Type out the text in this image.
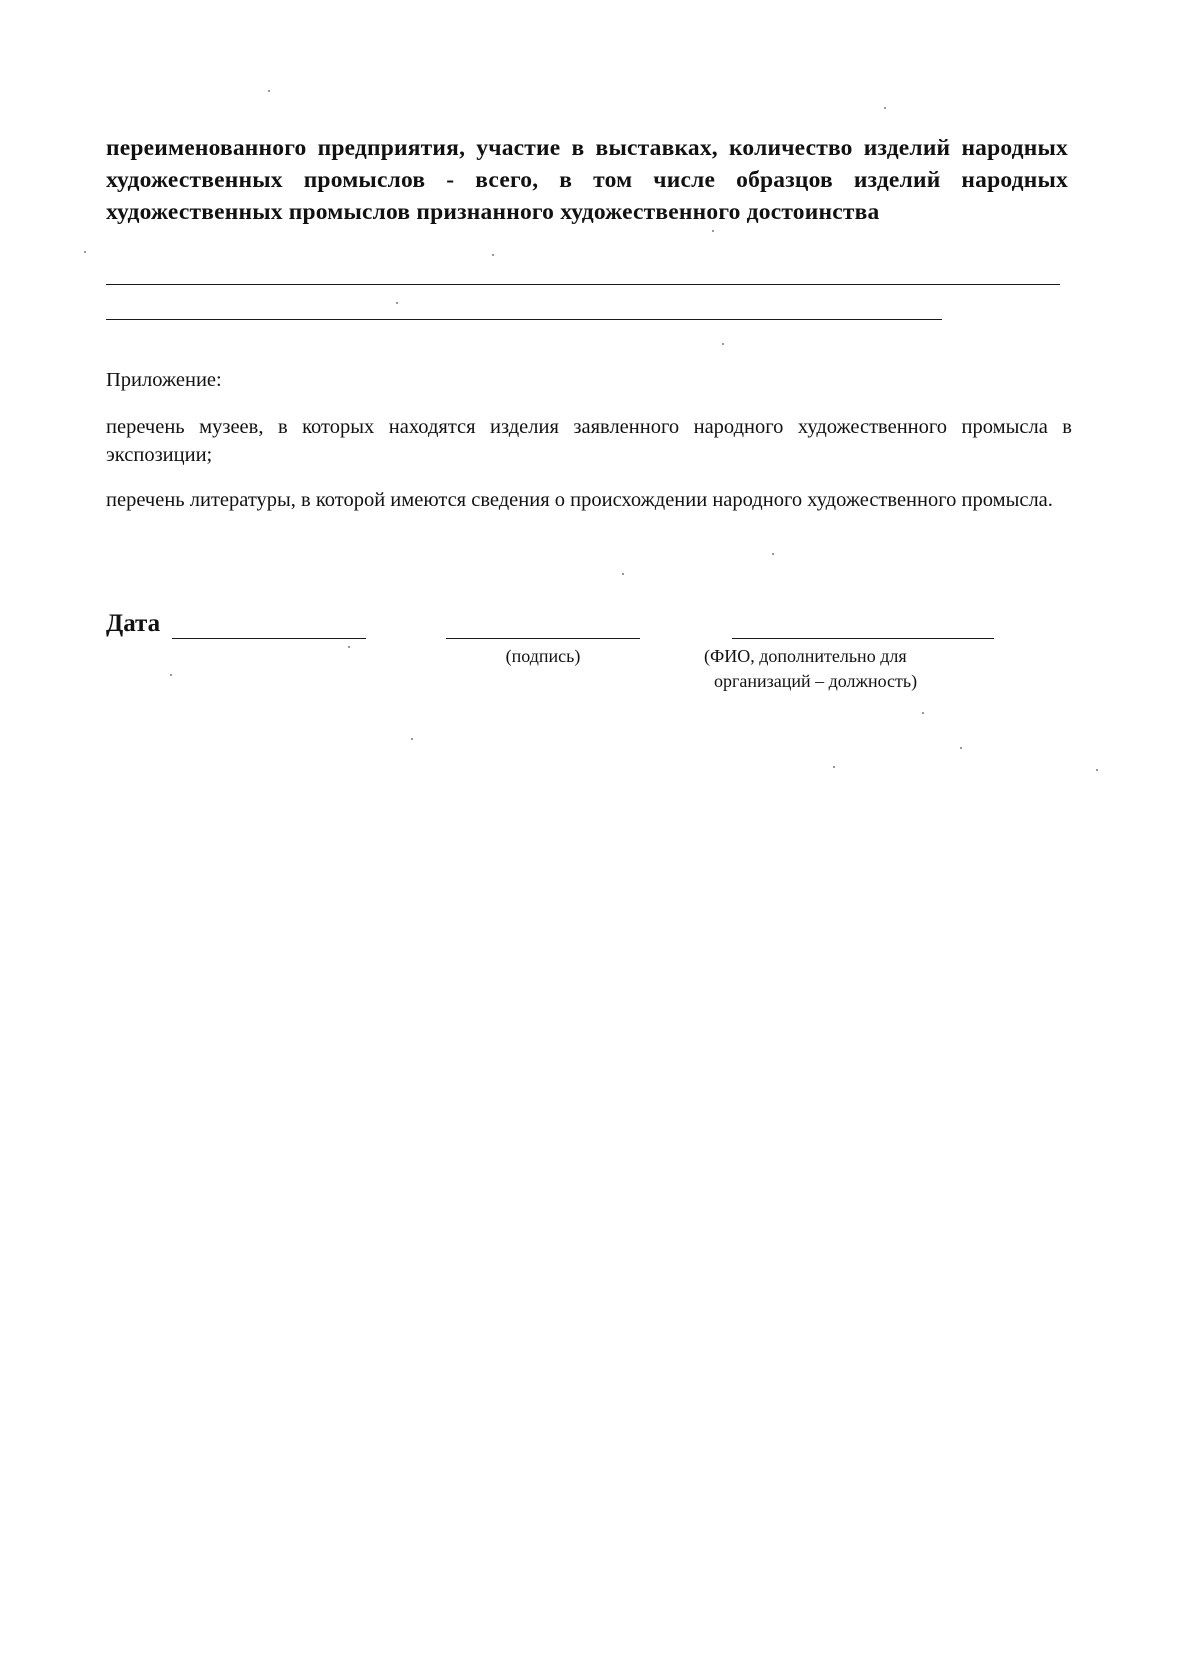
переименованного предприятия, участие в выставках, количество изделий народных художественных промыслов - всего, в том числе образцов изделий народных художественных промыслов признанного художественного достоинства
Приложение:
перечень музеев, в которых находятся изделия заявленного народного художественного промысла в экспозиции;
перечень литературы, в которой имеются сведения о происхождении народного художественного промысла.
Дата
(подпись)	(ФИО, дополнительно для
организаций – должность)
